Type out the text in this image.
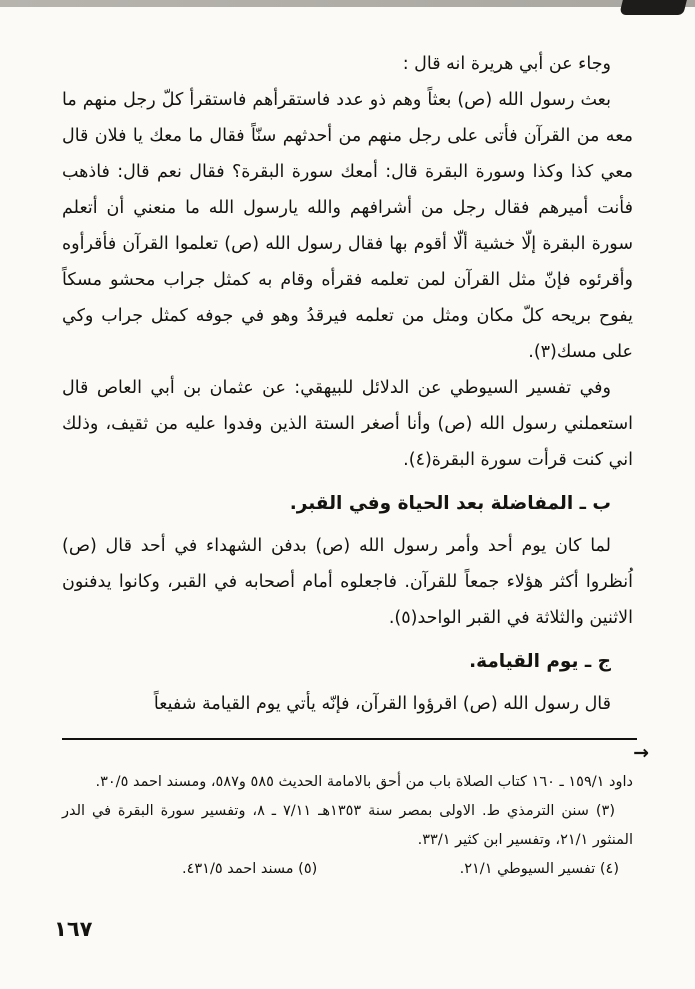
وجاء عن أبي هريرة انه قال :

بعث رسول الله (ص) بعثاً وهم ذو عدد فاستقرأهم فاستقرأ كلّ رجل منهم ما معه من القرآن فأتى على رجل منهم من أحدثهم سنّاً فقال ما معك يا فلان قال معي كذا وكذا وسورة البقرة قال: أمعك سورة البقرة؟ فقال نعم قال: فاذهب فأنت أميرهم فقال رجل من أشرافهم والله يارسول الله ما منعني أن أتعلم سورة البقرة إلّا خشية ألّا أقوم بها فقال رسول الله (ص) تعلموا القرآن فأقرأوه وأقرئوه فإنّ مثل القرآن لمن تعلمه فقرأه وقام به كمثل جراب محشو مسكاً يفوح بريحه كلّ مكان ومثل من تعلمه فيرقدُ وهو في جوفه كمثل جراب وكي على مسك(٣).

وفي تفسير السيوطي عن الدلائل للبيهقي: عن عثمان بن أبي العاص قال استعملني رسول الله (ص) وأنا أصغر الستة الذين وفدوا عليه من ثقيف، وذلك اني كنت قرأت سورة البقرة(٤).

ب ـ المفاضلة بعد الحياة وفي القبر.

لما كان يوم أحد وأمر رسول الله (ص) بدفن الشهداء في أحد قال (ص) اُنظروا أكثر هؤلاء جمعاً للقرآن. فاجعلوه أمام أصحابه في القبر، وكانوا يدفنون الاثنين والثلاثة في القبر الواحد(٥).

ج ـ يوم القيامة.

قال رسول الله (ص) اقرؤوا القرآن، فإنّه يأتي يوم القيامة شفيعاً

→

داود ١٥٩/١ ـ ١٦٠ كتاب الصلاة باب من أحق بالامامة الحديث ٥٨٥ و٥٨٧، ومسند احمد ٣٠/٥.

(٣) سنن الترمذي ط. الاولى بمصر سنة ١٣٥٣هـ ٧/١١ ـ ٨، وتفسير سورة البقرة في الدر المنثور ٢١/١، وتفسير ابن كثير ٣٣/١.

(٤) تفسير السيوطي ٢١/١.
(٥) مسند احمد ٤٣١/٥.
١٦٧
